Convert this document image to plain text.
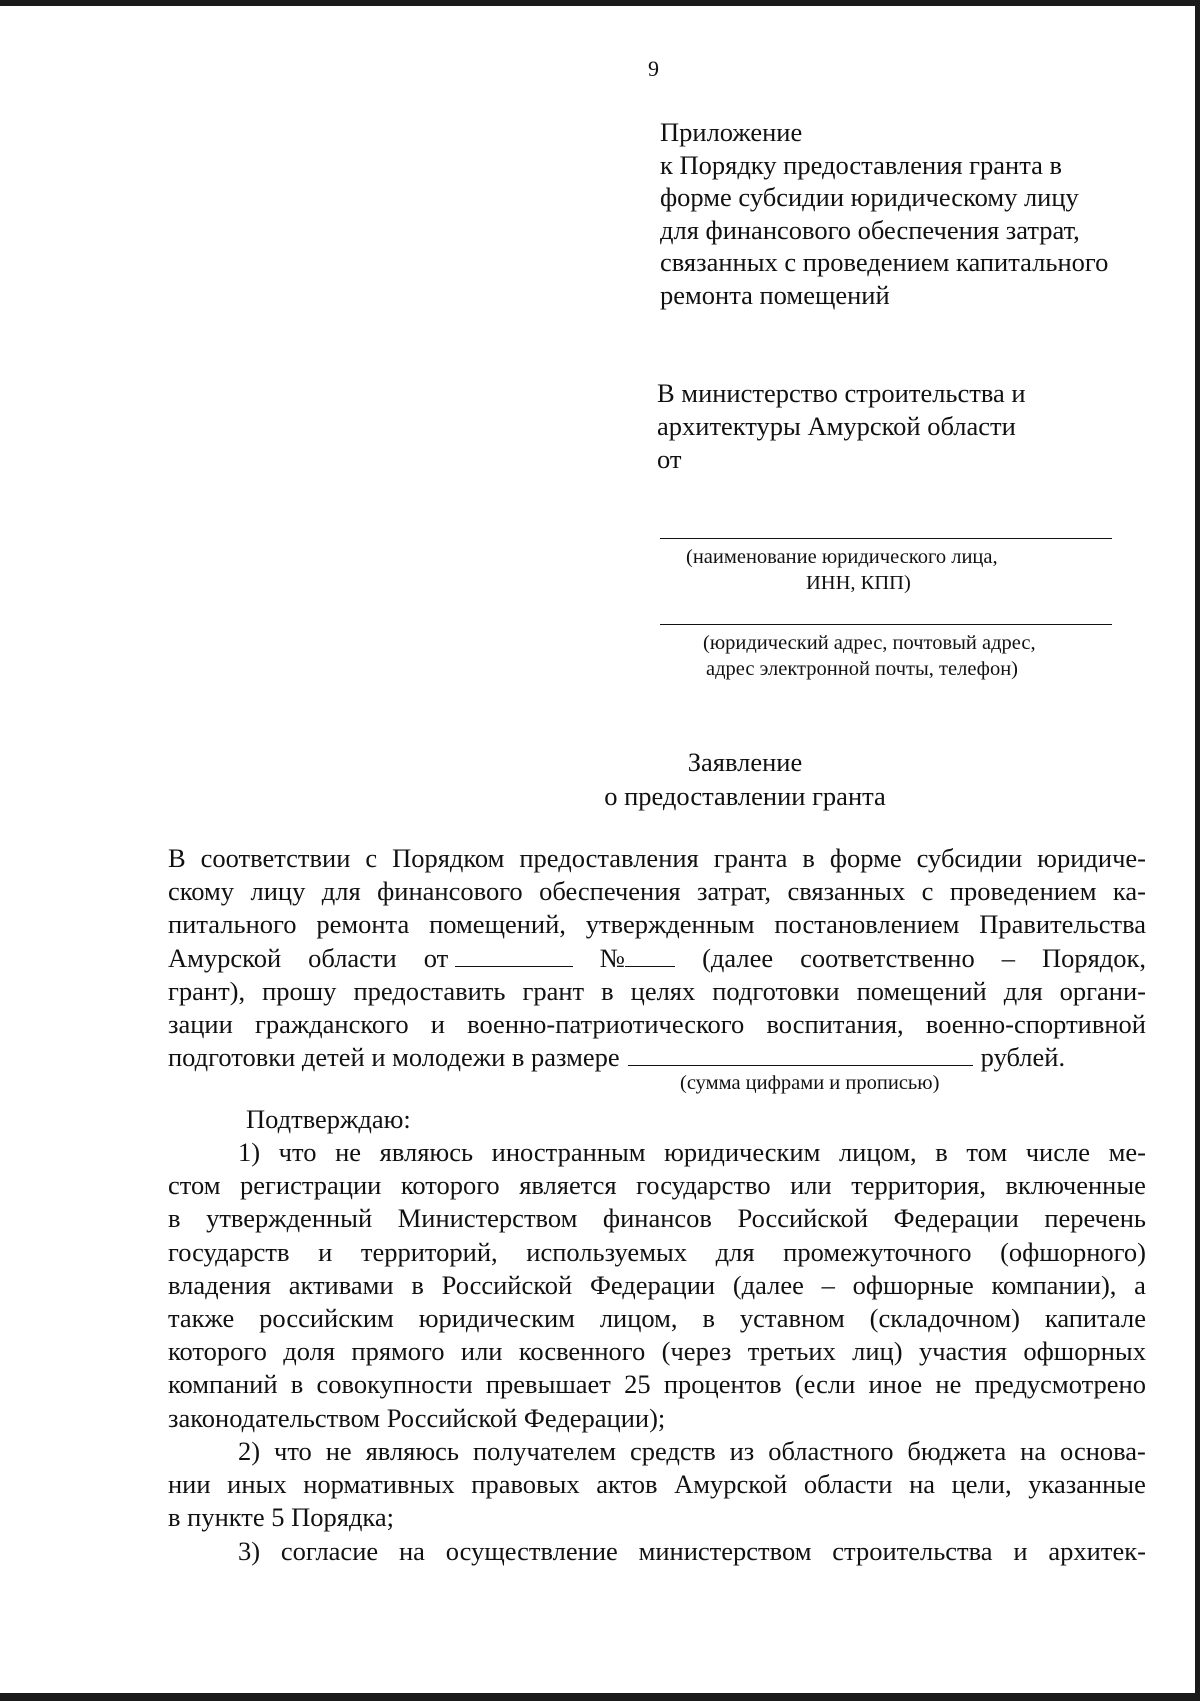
9
Приложение
к Порядку предоставления гранта в
форме субсидии юридическому лицу
для финансового обеспечения затрат,
связанных с проведением капитального
ремонта помещений
В министерство строительства и
архитектуры Амурской области
от
(наименование юридического лица,
ИНН, КПП)
(юридический адрес, почтовый адрес,
адрес электронной почты, телефон)
Заявление
о предоставлении гранта
В соответствии с Порядком предоставления гранта в форме субсидии юридиче-
скому лицу для финансового обеспечения затрат, связанных с проведением ка-
питального ремонта помещений, утвержденным постановлением Правительства
Амурской области от	№	(далее соответственно – Порядок,
грант), прошу предоставить грант в целях подготовки помещений для органи-
зации гражданского и военно-патриотического воспитания, военно-спортивной
подготовки детей и молодежи в размере	рублей.
(сумма цифрами и прописью)
Подтверждаю:
1) что не являюсь иностранным юридическим лицом, в том числе ме-
стом регистрации которого является государство или территория, включенные
в утвержденный Министерством финансов Российской Федерации перечень
государств и территорий, используемых для промежуточного (офшорного)
владения активами в Российской Федерации (далее – офшорные компании), а
также российским юридическим лицом, в уставном (складочном) капитале
которого доля прямого или косвенного (через третьих лиц) участия офшорных
компаний в совокупности превышает 25 процентов (если иное не предусмотрено
законодательством Российской Федерации);
2) что не являюсь получателем средств из областного бюджета на основа-
нии иных нормативных правовых актов Амурской области на цели, указанные
в пункте 5 Порядка;
3) согласие на осуществление министерством строительства и архитек-
